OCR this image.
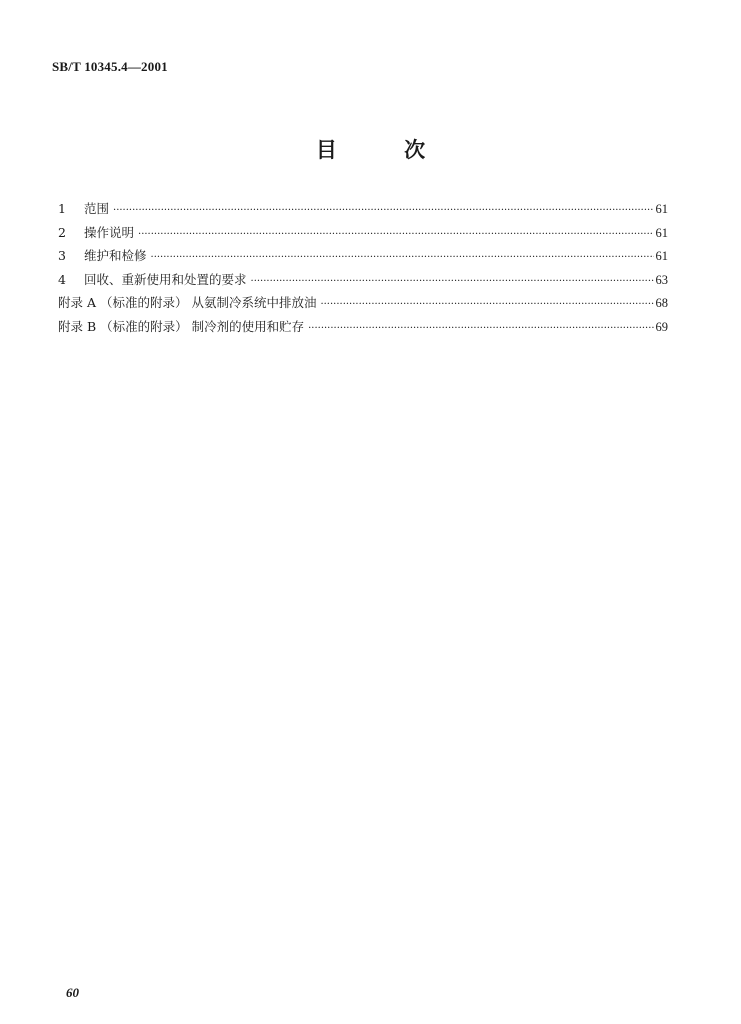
SB/T 10345.4—2001
目 次
1	范围 ·····	61
2	操作说明 ·····	61
3	维护和检修 ·····	61
4	回收、重新使用和处置的要求 ·····	63
附录 A （标准的附录） 从氨制冷系统中排放油 ·····	68
附录 B （标准的附录） 制冷剂的使用和贮存 ·····	69
60
